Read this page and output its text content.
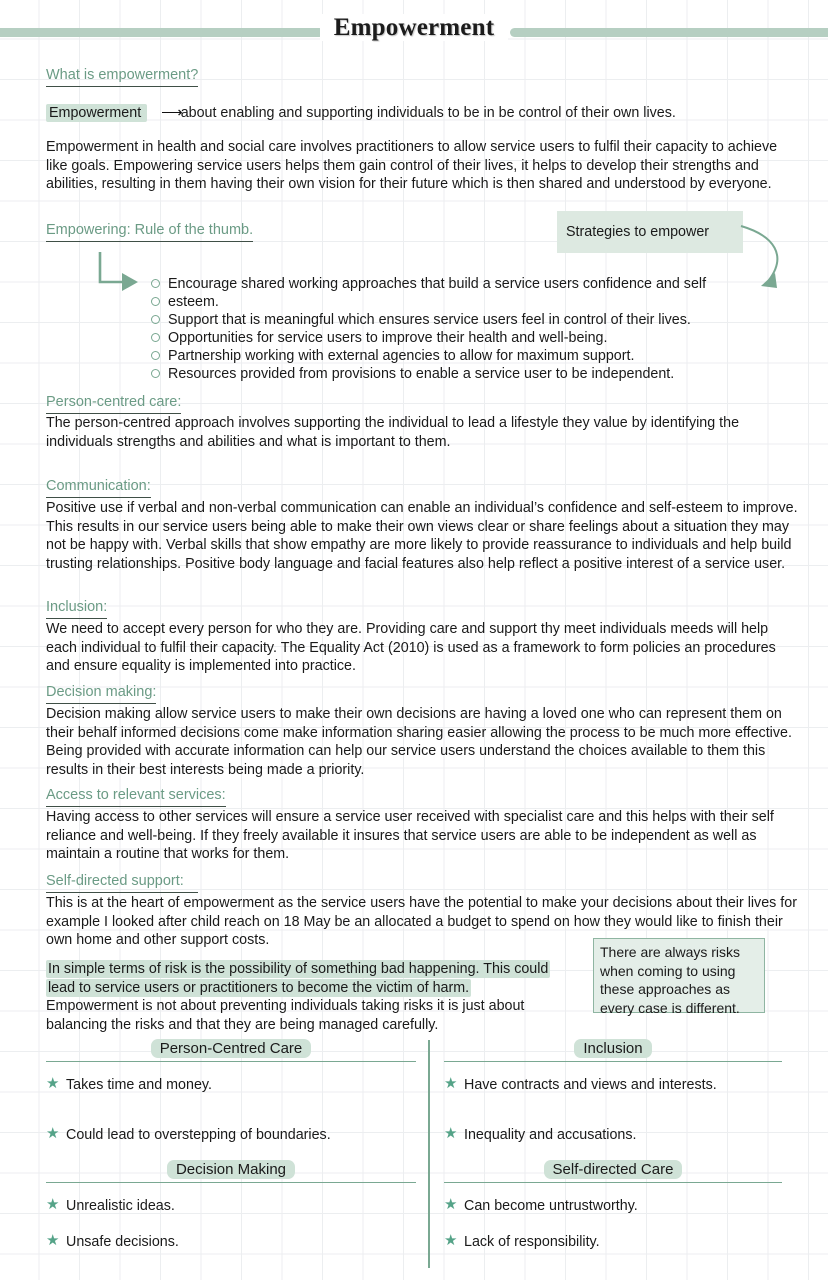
Empowerment
What is empowerment?
Empowerment ⟶about enabling and supporting individuals to be in be control of their own lives.
Empowerment in health and social care involves practitioners to allow service users to fulfil their capacity to achieve like goals. Empowering service users helps them gain control of their lives, it helps to develop their strengths and abilities, resulting in them having their own vision for their future which is then shared and understood by everyone.
Empowering: Rule of the thumb.	Strategies to empower
Encourage shared working approaches that build a service users confidence and self
esteem.
Support that is meaningful which ensures service users feel in control of their lives.
Opportunities for service users to improve their health and well-being.
Partnership working with external agencies to allow for maximum support.
Resources provided from provisions to enable a service user to be independent.
Person-centred care:
The person-centred approach involves supporting the individual to lead a lifestyle they value by identifying the individuals strengths and abilities and what is important to them.
Communication:
Positive use if verbal and non-verbal communication can enable an individual’s confidence and self-esteem to improve. This results in our service users being able to make their own views clear or share feelings about a situation they may not be happy with. Verbal skills that show empathy are more likely to provide reassurance to individuals and help build trusting relationships. Positive body language and facial features also help reflect a positive interest of a service user.
Inclusion:
We need to accept every person for who they are. Providing care and support thy meet individuals meeds will help each individual to fulfil their capacity. The Equality Act (2010) is used as a framework to form policies an procedures and ensure equality is implemented into practice.
Decision making:
Decision making allow service users to make their own decisions are having a loved one who can represent them on their behalf informed decisions come make information sharing easier allowing the process to be much more effective. Being provided with accurate information can help our service users understand the choices available to them this results in their best interests being made a priority.
Access to relevant services:
Having access to other services will ensure a service user received with specialist care and this helps with their self reliance and well-being. If they freely available it insures that service users are able to be independent as well as maintain a routine that works for them.
Self-directed support:
This is at the heart of empowerment as the service users have the potential to make your decisions about their lives for example I looked after child reach on 18 May be an allocated a budget to spend on how they would like to finish their own home and other support costs.
In simple terms of risk is the possibility of something bad happening. This could
lead to service users or practitioners to become the victim of harm.
Empowerment is not about preventing individuals taking risks it is just about
balancing the risks and that they are being managed carefully.
There are always risks when coming to using these approaches as every case is different.
Person-Centred Care
★ Takes time and money.
★ Could lead to overstepping of boundaries.
Inclusion
★ Have contracts and views and interests.
★ Inequality and accusations.
Decision Making
★ Unrealistic ideas.
★ Unsafe decisions.
Self-directed Care
★ Can become untrustworthy.
★ Lack of responsibility.
